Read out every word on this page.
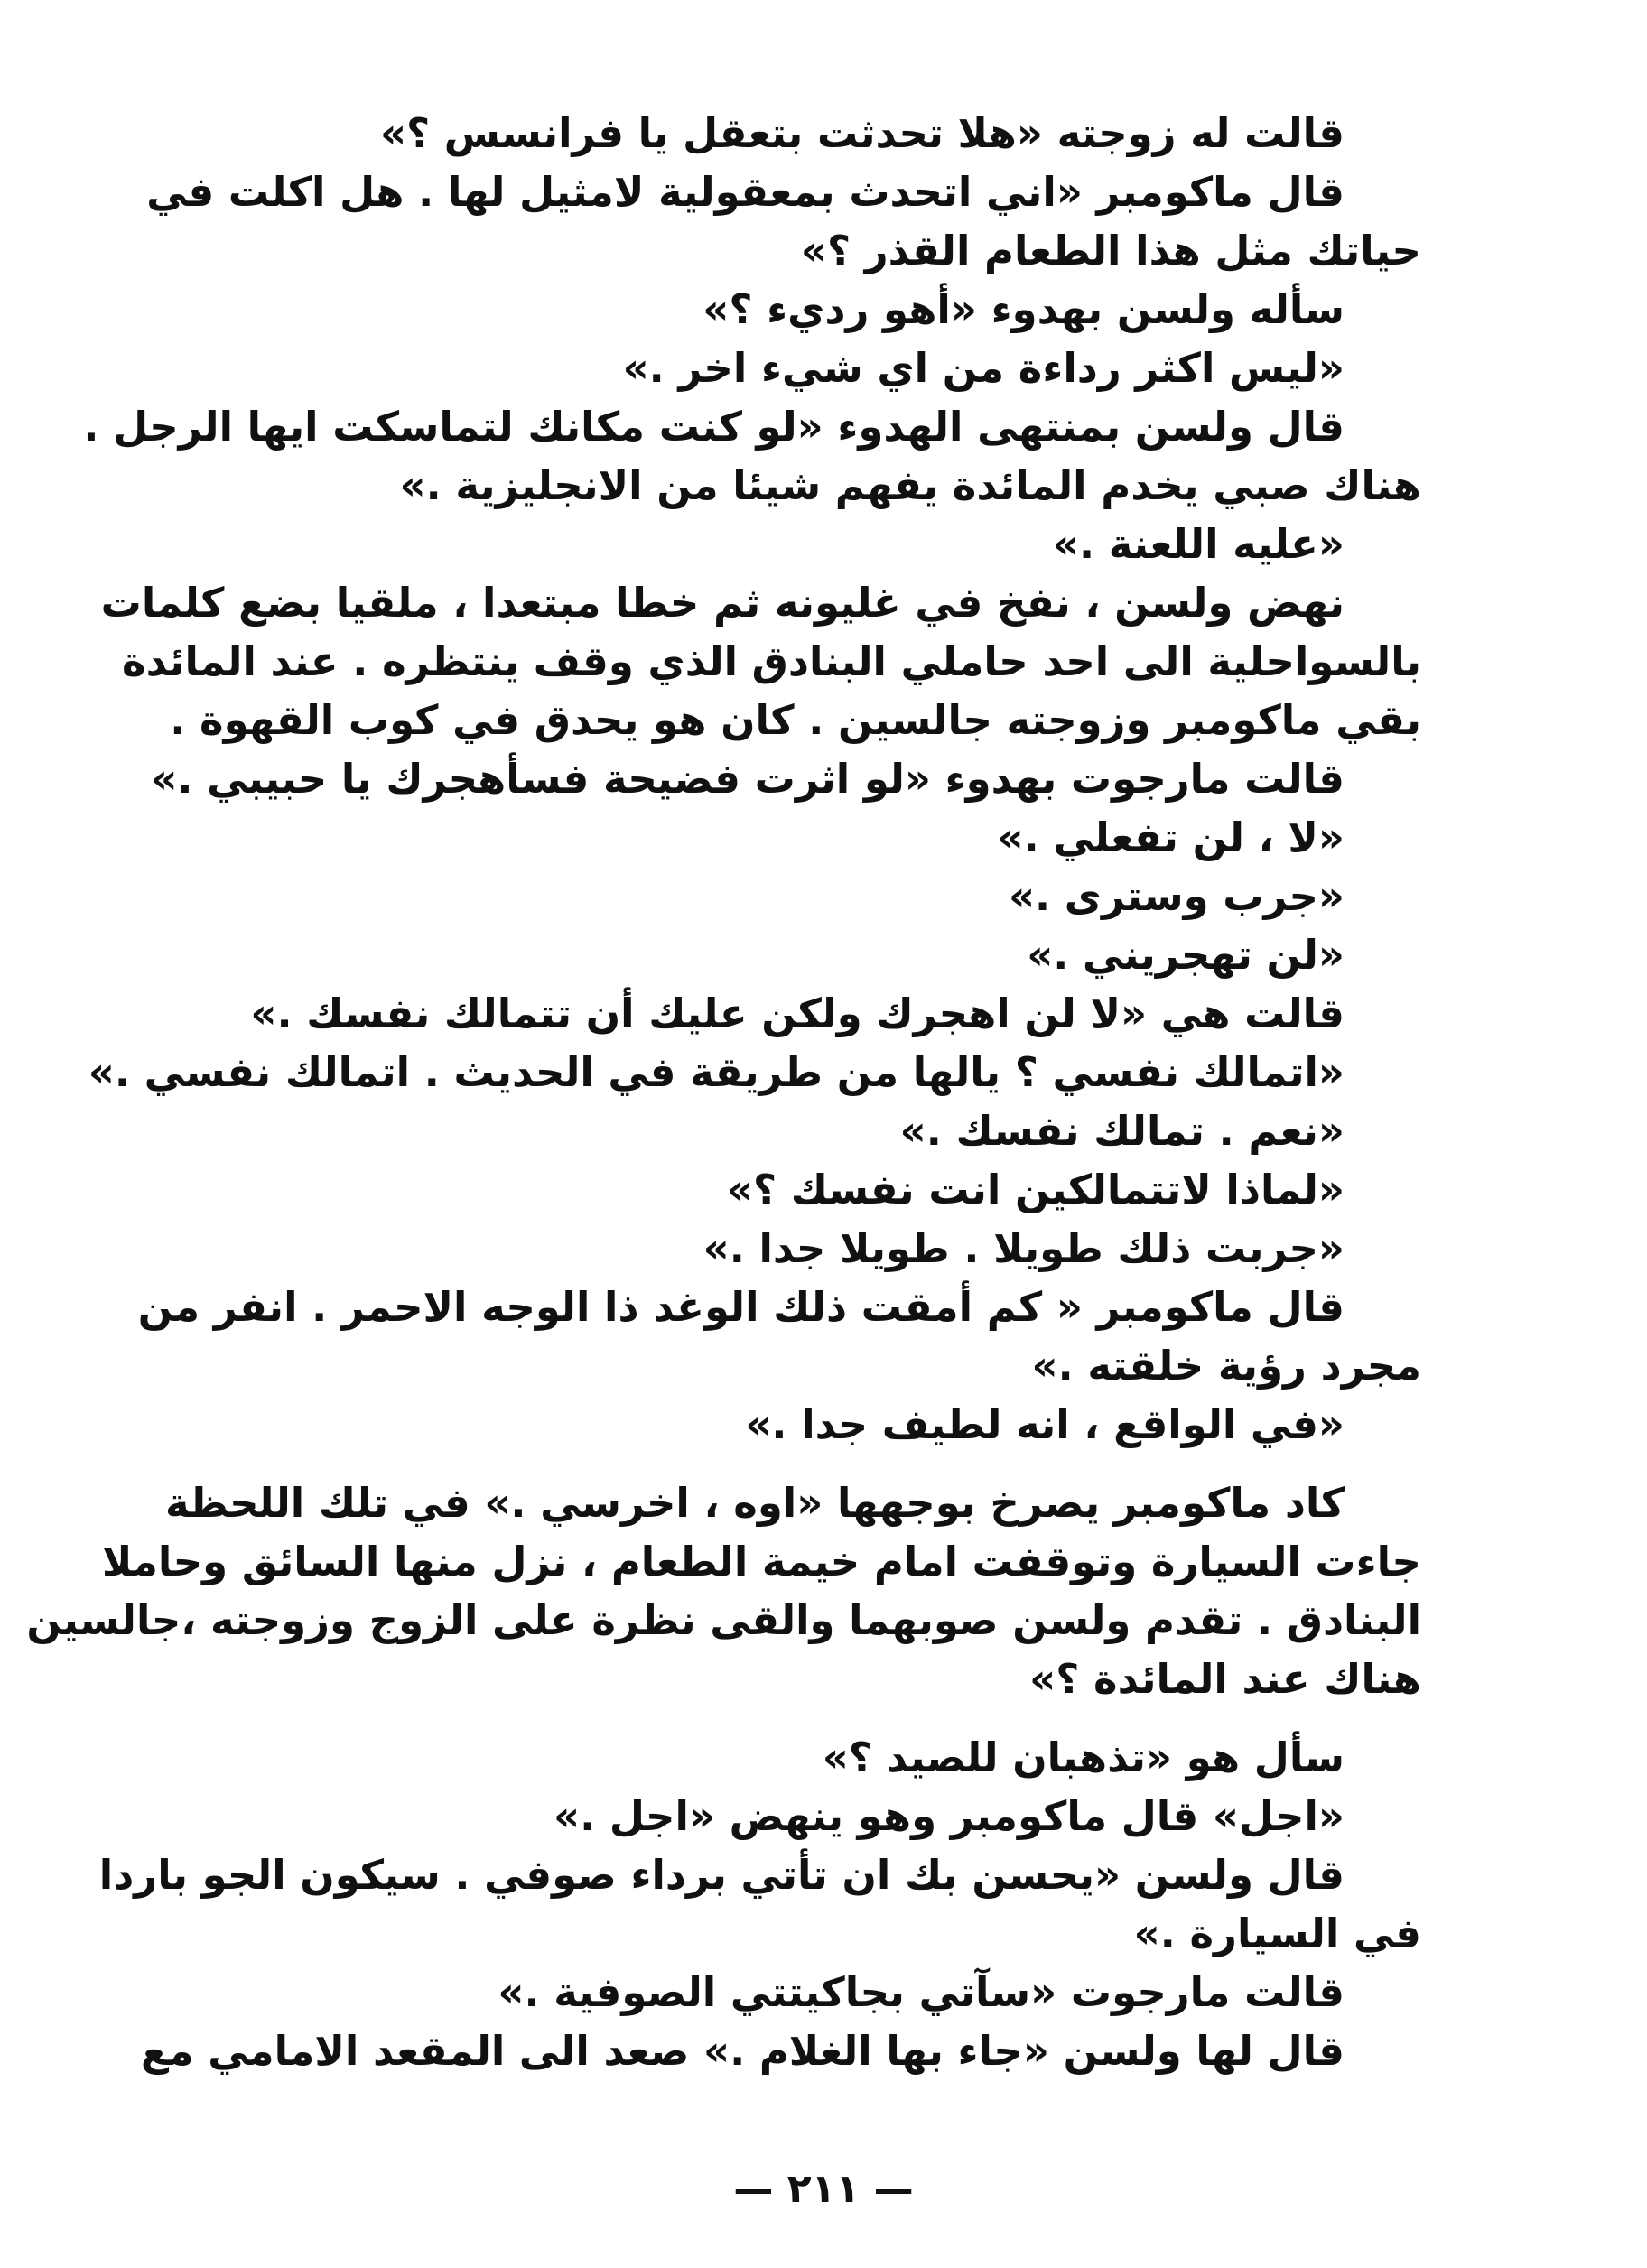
قالت له زوجته «هلا تحدثت بتعقل يا فرانسس ؟»
قال ماكومبر «اني اتحدث بمعقولية لامثيل لها . هل اكلت في
حياتك مثل هذا الطعام القذر ؟»
سأله ولسن بهدوء «أهو رديء ؟»
«ليس اكثر رداءة من اي شيء اخر .»
قال ولسن بمنتهى الهدوء «لو كنت مكانك لتماسكت ايها الرجل .
هناك صبي يخدم المائدة يفهم شيئا من الانجليزية .»
«عليه اللعنة .»
نهض ولسن ، نفخ في غليونه ثم خطا مبتعدا ، ملقيا بضع كلمات
بالسواحلية الى احد حاملي البنادق الذي وقف ينتظره . عند المائدة
بقي ماكومبر وزوجته جالسين . كان هو يحدق في كوب القهوة .
قالت مارجوت بهدوء «لو اثرت فضيحة فسأهجرك يا حبيبي .»
«لا ، لن تفعلي .»
«جرب وسترى .»
«لن تهجريني .»
قالت هي «لا لن اهجرك ولكن عليك أن تتمالك نفسك .»
«اتمالك نفسي ؟ يالها من طريقة في الحديث . اتمالك نفسي .»
«نعم . تمالك نفسك .»
«لماذا لاتتمالكين انت نفسك ؟»
«جربت ذلك طويلا . طويلا جدا .»
قال ماكومبر « كم أمقت ذلك الوغد ذا الوجه الاحمر . انفر من
مجرد رؤية خلقته .»
«في الواقع ، انه لطيف جدا .»
كاد ماكومبر يصرخ بوجهها «اوه ، اخرسي .» في تلك اللحظة
جاءت السيارة وتوقفت امام خيمة الطعام ، نزل منها السائق وحاملا
البنادق . تقدم ولسن صوبهما والقى نظرة على الزوج وزوجته ،جالسين
هناك عند المائدة ؟»
سأل هو «تذهبان للصيد ؟»
«اجل» قال ماكومبر وهو ينهض «اجل .»
قال ولسن «يحسن بك ان تأتي برداء صوفي . سيكون الجو باردا
في السيارة .»
قالت مارجوت «سآتي بجاكيتتي الصوفية .»
قال لها ولسن «جاء بها الغلام .» صعد الى المقعد الامامي مع
— ٢١١ —
